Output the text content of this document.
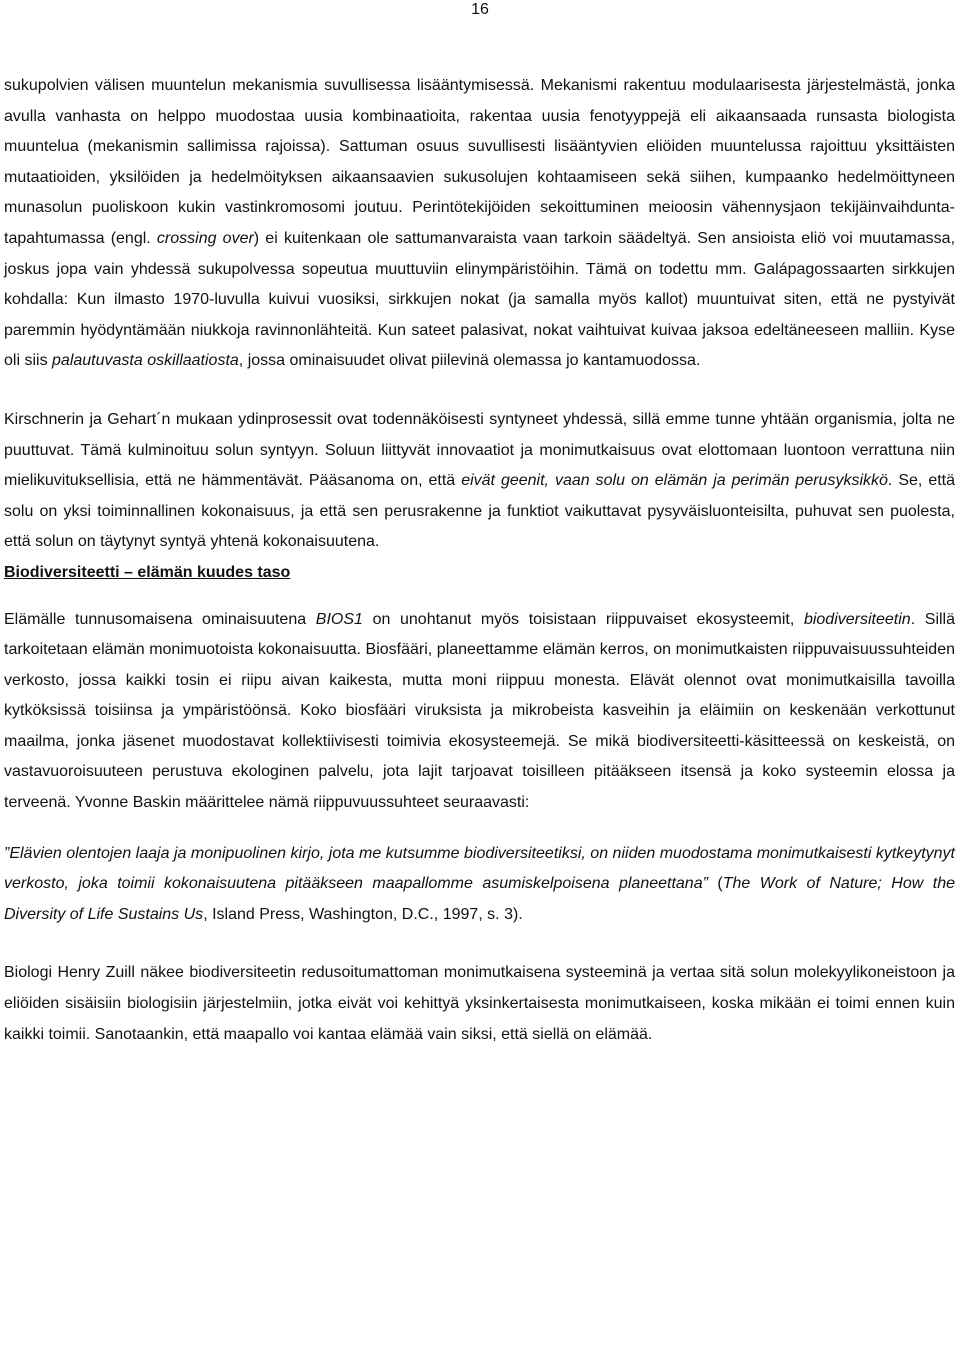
16

sukupolvien välisen muuntelun mekanismia suvullisessa lisääntymisessä. Mekanismi rakentuu modulaarisesta järjestelmästä, jonka avulla vanhasta on helppo muodostaa uusia kombinaatioita, rakentaa uusia fenotyyppejä eli aikaansaada runsasta biologista muuntelua (mekanismin sallimissa rajoissa). Sattuman osuus suvullisesti lisääntyvien eliöiden muuntelussa rajoittuu yksittäisten mutaatioiden, yksilöiden ja hedelmöityksen aikaansaavien sukusolujen kohtaamiseen sekä siihen, kumpaanko hedelmöittyneen munasolun puoliskoon kukin vastinkromosomi joutuu. Perintötekijöiden sekoittuminen meioosin vähennysjaon tekijäinvaihdunta-tapahtumassa (engl. crossing over) ei kuitenkaan ole sattumanvaraista vaan tarkoin säädeltyä. Sen ansioista eliö voi muutamassa, joskus jopa vain yhdessä sukupolvessa sopeutua muuttuviin elinympäristöihin. Tämä on todettu mm. Galápagossaarten sirkkujen kohdalla: Kun ilmasto 1970-luvulla kuivui vuosiksi, sirkkujen nokat (ja samalla myös kallot) muuntuivat siten, että ne pystyivät paremmin hyödyntämään niukkoja ravinnonlähteitä. Kun sateet palasivat, nokat vaihtuivat kuivaa jaksoa edeltäneeseen malliin. Kyse oli siis palautuvasta oskillaatiosta, jossa ominaisuudet olivat piilevinä olemassa jo kantamuodossa.

Kirschnerin ja Gehart´n mukaan ydinprosessit ovat todennäköisesti syntyneet yhdessä, sillä emme tunne yhtään organismia, jolta ne puuttuvat. Tämä kulminoituu solun syntyyn. Soluun liittyvät innovaatiot ja monimutkaisuus ovat elottomaan luontoon verrattuna niin mielikuvituksellisia, että ne hämmentävät. Pääsanoma on, että eivät geenit, vaan solu on elämän ja perimän perusyksikkö. Se, että solu on yksi toiminnallinen kokonaisuus, ja että sen perusrakenne ja funktiot vaikuttavat pysyväisluonteisilta, puhuvat sen puolesta, että solun on täytynyt syntyä yhtenä kokonaisuutena.

Biodiversiteetti – elämän kuudes taso

Elämälle tunnusomaisena ominaisuutena BIOS1 on unohtanut myös toisistaan riippuvaiset ekosysteemit, biodiversiteetin. Sillä tarkoitetaan elämän monimuotoista kokonaisuutta. Biosfääri, planeettamme elämän kerros, on monimutkaisten riippuvaisuussuhteiden verkosto, jossa kaikki tosin ei riipu aivan kaikesta, mutta moni riippuu monesta. Elävät olennot ovat monimutkaisilla tavoilla kytköksissä toisiinsa ja ympäristöönsä. Koko biosfääri viruksista ja mikrobeista kasveihin ja eläimiin on keskenään verkottunut maailma, jonka jäsenet muodostavat kollektiivisesti toimivia ekosysteemejä. Se mikä biodiversiteetti-käsitteessä on keskeistä, on vastavuoroisuuteen perustuva ekologinen palvelu, jota lajit tarjoavat toisilleen pitääkseen itsensä ja koko systeemin elossa ja terveenä. Yvonne Baskin määrittelee nämä riippuvuussuhteet seuraavasti:

”Elävien olentojen laaja ja monipuolinen kirjo, jota me kutsumme biodiversiteetiksi, on niiden muodostama monimutkaisesti kytkeytynyt verkosto, joka toimii kokonaisuutena pitääkseen maapallomme asumiskelpoisena planeettana” (The Work of Nature; How the Diversity of Life Sustains Us, Island Press, Washington, D.C., 1997, s. 3).

Biologi Henry Zuill näkee biodiversiteetin redusoitumattoman monimutkaisena systeeminä ja vertaa sitä solun molekyylikoneistoon ja eliöiden sisäisiin biologisiin järjestelmiin, jotka eivät voi kehittyä yksinkertaisesta monimutkaiseen, koska mikään ei toimi ennen kuin kaikki toimii. Sanotaankin, että maapallo voi kantaa elämää vain siksi, että siellä on elämää.
